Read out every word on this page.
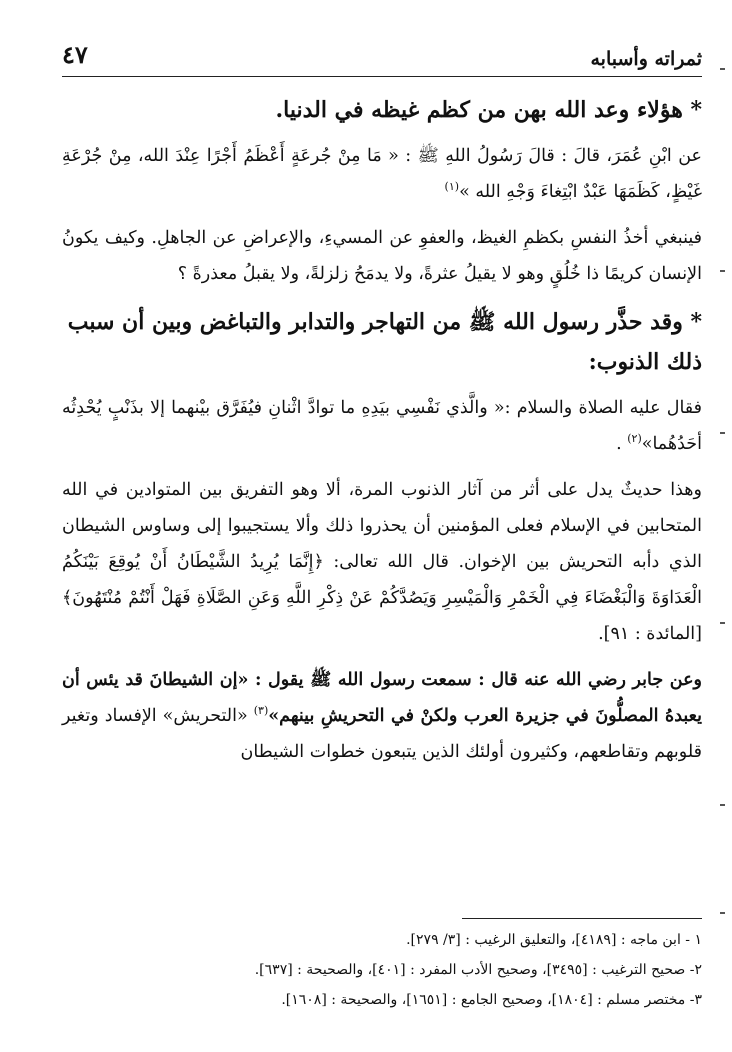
ثمراته وأسبابه
٤٧
* هؤلاء وعد الله بهن من كظم غيظه في الدنيا.

عن ابْنِ عُمَرَ، قالَ : قالَ رَسُولُ اللهِ ﷺ : « مَا مِنْ جُرعَةٍ أَعْظَمُ أَجْرًا عِنْدَ الله، مِنْ جُرْعَةِ غَيْظٍ، كَظَمَهَا عَبْدٌ ابْتِغاءَ وَجْهِ الله »$^{(١)}$

فينبغي أخذُ النفسِ بكظمِ الغيظ، والعفوِ عن المسيءِ، والإعراضِ عن الجاهلِ. وكيف يكونُ الإنسان كريمًا ذا خُلُقٍ وهو لا يقيلُ عثرةً، ولا يدمَحُ زلزلةً، ولا يقبلُ معذرةً ؟

* وقد حذَّر رسول الله ﷺ من التهاجر والتدابر والتباغض وبين أن سبب ذلك الذنوب:

فقال عليه الصلاة والسلام :« والَّذي نَفْسِي بيَدِهِ ما توادَّ اثْنانِ فيُفَرَّق بيْنهما إلا بذَنْبٍ يُحْدِثُه أحَدُهُما»$^{(٢)}$ .

وهذا حديثٌ يدل على أثر من آثار الذنوب المرة، ألا وهو التفريق بين المتوادين في الله المتحابين في الإسلام فعلى المؤمنين أن يحذروا ذلك وألا يستجيبوا إلى وساوس الشيطان الذي دأبه التحريش بين الإخوان. قال الله تعالى: ﴿إِنَّمَا يُرِيدُ الشَّيْطَانُ أَنْ يُوقِعَ بَيْنَكُمُ الْعَدَاوَةَ وَالْبَغْضَاءَ فِي الْخَمْرِ وَالْمَيْسِرِ وَيَصُدَّكُمْ عَنْ ذِكْرِ اللَّهِ وَعَنِ الصَّلَاةِ فَهَلْ أَنْتُمْ مُنْتَهُونَ﴾ [المائدة : ٩١].

وعن جابر رضي الله عنه قال : سمعت رسول الله ﷺ يقول : «إن الشيطانَ قد يئس أن يعبدهُ المصلُّونَ في جزيرة العرب ولكنْ في التحريشِ بينهم»$^{(٣)}$ «التحريش» الإفساد وتغير قلوبهم وتقاطعهم، وكثيرون أولئك الذين يتبعون خطوات الشيطان

١ - ابن ماجه : [٤١٨٩]، والتعليق الرغيب : [٣/ ٢٧٩].
٢- صحيح الترغيب : [٣٤٩٥]، وصحيح الأدب المفرد : [٤٠١]، والصحيحة : [٦٣٧].
٣- مختصر مسلم : [١٨٠٤]، وصحيح الجامع : [١٦٥١]، والصحيحة : [١٦٠٨].
